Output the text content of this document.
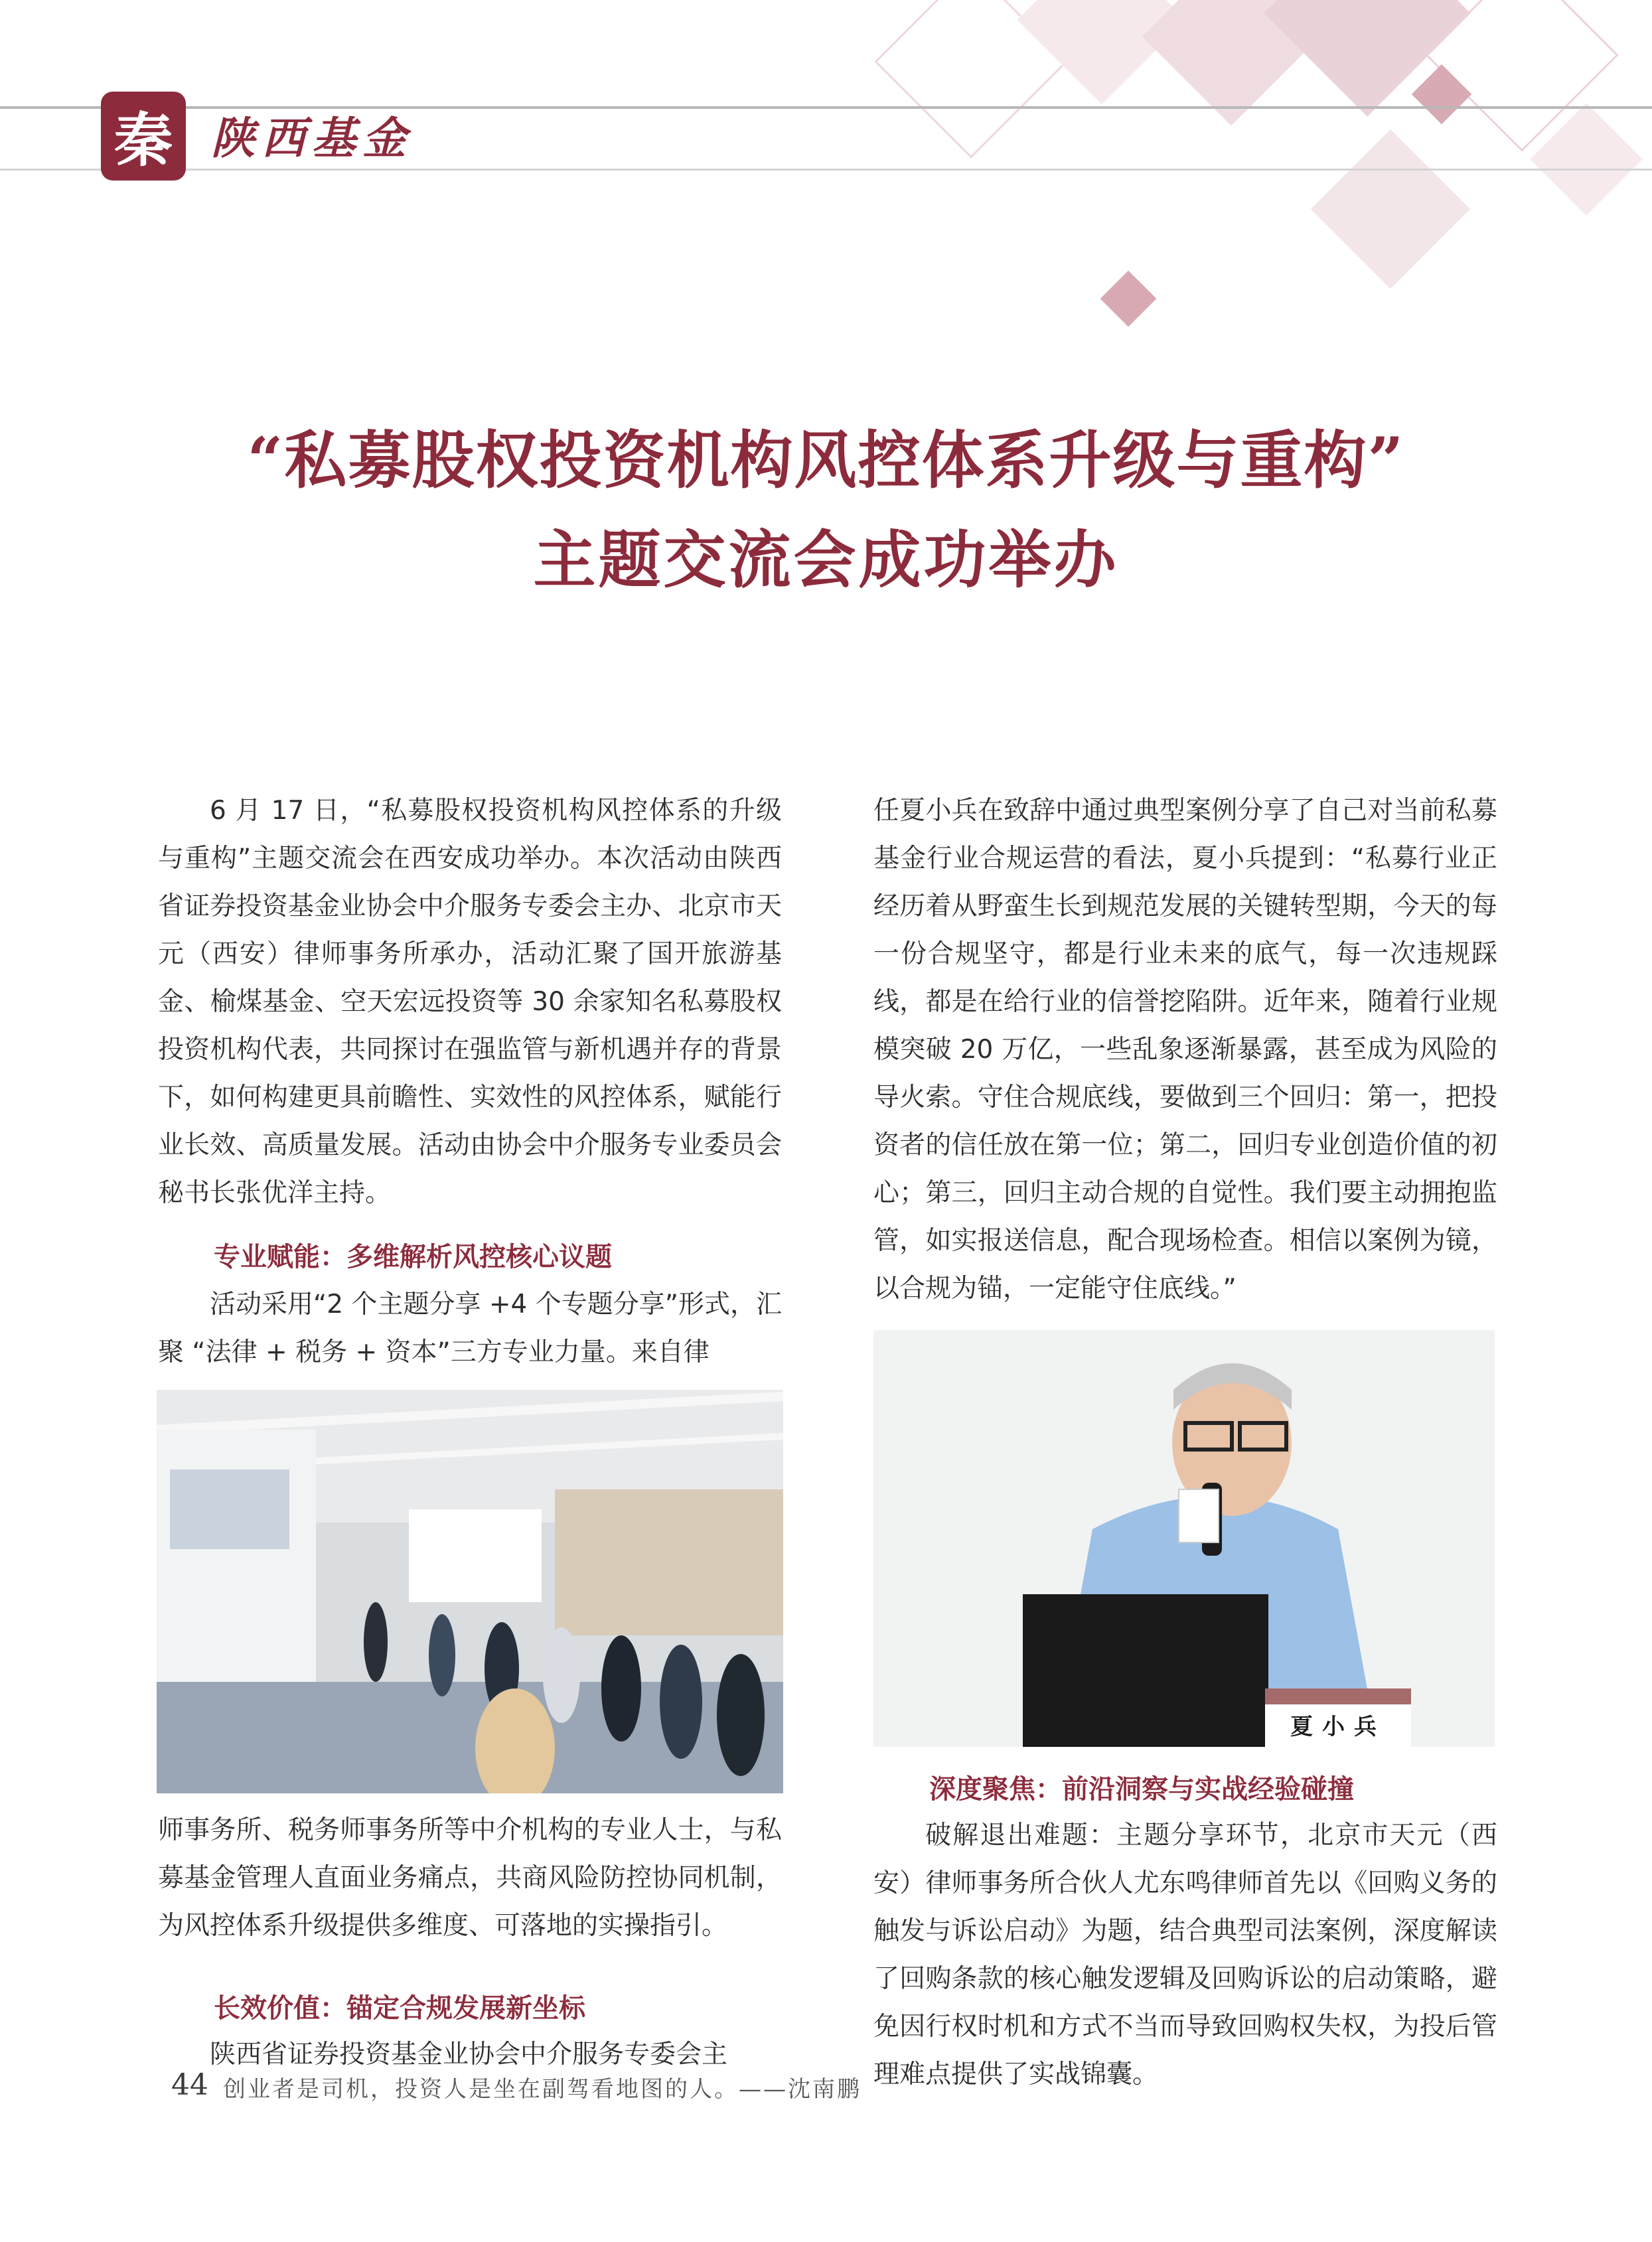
秦 陕西基金
“私募股权投资机构风控体系升级与重构”
主题交流会成功举办

6 月 17 日，“私募股权投资机构风控体系的升级与重构”主题交流会在西安成功举办。本次活动由陕西省证券投资基金业协会中介服务专委会主办、北京市天元（西安）律师事务所承办，活动汇聚了国开旅游基金、榆煤基金、空天宏远投资等 30 余家知名私募股权投资机构代表，共同探讨在强监管与新机遇并存的背景下，如何构建更具前瞻性、实效性的风控体系，赋能行业长效、高质量发展。活动由协会中介服务专业委员会秘书长张优洋主持。

专业赋能：多维解析风控核心议题

活动采用“2 个主题分享 +4 个专题分享”形式，汇聚 “法律 + 税务 + 资本”三方专业力量。来自律

师事务所、税务师事务所等中介机构的专业人士，与私募基金管理人直面业务痛点，共商风险防控协同机制，为风控体系升级提供多维度、可落地的实操指引。

长效价值：锚定合规发展新坐标

陕西省证券投资基金业协会中介服务专委会主

任夏小兵在致辞中通过典型案例分享了自己对当前私募基金行业合规运营的看法，夏小兵提到：“私募行业正经历着从野蛮生长到规范发展的关键转型期，今天的每一份合规坚守，都是行业未来的底气，每一次违规踩线，都是在给行业的信誉挖陷阱。近年来，随着行业规模突破 20 万亿，一些乱象逐渐暴露，甚至成为风险的导火索。守住合规底线，要做到三个回归：第一，把投资者的信任放在第一位；第二，回归专业创造价值的初心；第三，回归主动合规的自觉性。我们要主动拥抱监管，如实报送信息，配合现场检查。相信以案例为镜，以合规为锚，一定能守住底线。”

夏小兵
深度聚焦：前沿洞察与实战经验碰撞

破解退出难题：主题分享环节，北京市天元（西安）律师事务所合伙人尤东鸣律师首先以《回购义务的触发与诉讼启动》为题，结合典型司法案例，深度解读了回购条款的核心触发逻辑及回购诉讼的启动策略，避免因行权时机和方式不当而导致回购权失权，为投后管理难点提供了实战锦囊。

44 创业者是司机，投资人是坐在副驾看地图的人。——沈南鹏
